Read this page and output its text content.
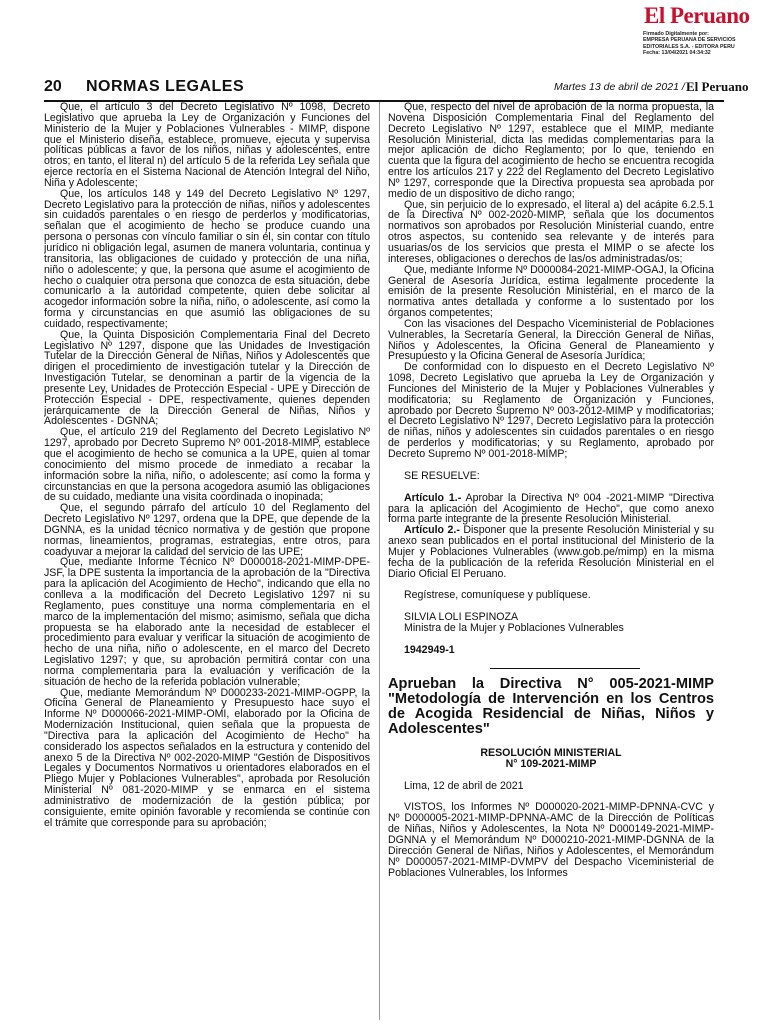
El Peruano
Firmado Digitalmente por:
EMPRESA PERUANA DE SERVICIOS
EDITORIALES S.A. - EDITORA PERU
Fecha: 13/04/2021 04:34:32
20 NORMAS LEGALES	Martes 13 de abril de 2021 / El Peruano

Que, el artículo 3 del Decreto Legislativo Nº 1098, Decreto Legislativo que aprueba la Ley de Organización y Funciones del Ministerio de la Mujer y Poblaciones Vulnerables - MIMP, dispone que el Ministerio diseña, establece, promueve, ejecuta y supervisa políticas públicas a favor de los niños, niñas y adolescentes, entre otros; en tanto, el literal n) del artículo 5 de la referida Ley señala que ejerce rectoría en el Sistema Nacional de Atención Integral del Niño, Niña y Adolescente;

Que, los artículos 148 y 149 del Decreto Legislativo Nº 1297, Decreto Legislativo para la protección de niñas, niños y adolescentes sin cuidados parentales o en riesgo de perderlos y modificatorias, señalan que el acogimiento de hecho se produce cuando una persona o personas con vínculo familiar o sin él, sin contar con título jurídico ni obligación legal, asumen de manera voluntaria, continua y transitoria, las obligaciones de cuidado y protección de una niña, niño o adolescente; y que, la persona que asume el acogimiento de hecho o cualquier otra persona que conozca de esta situación, debe comunicarlo a la autoridad competente, quien debe solicitar al acogedor información sobre la niña, niño, o adolescente, así como la forma y circunstancias en que asumió las obligaciones de su cuidado, respectivamente;

Que, la Quinta Disposición Complementaria Final del Decreto Legislativo Nº 1297, dispone que las Unidades de Investigación Tutelar de la Dirección General de Niñas, Niños y Adolescentes que dirigen el procedimiento de investigación tutelar y la Dirección de Investigación Tutelar, se denominan a partir de la vigencia de la presente Ley, Unidades de Protección Especial - UPE y Dirección de Protección Especial - DPE, respectivamente, quienes dependen jerárquicamente de la Dirección General de Niñas, Niños y Adolescentes - DGNNA;

Que, el artículo 219 del Reglamento del Decreto Legislativo Nº 1297, aprobado por Decreto Supremo Nº 001-2018-MIMP, establece que el acogimiento de hecho se comunica a la UPE, quien al tomar conocimiento del mismo procede de inmediato a recabar la información sobre la niña, niño, o adolescente; así como la forma y circunstancias en que la persona acogedora asumió las obligaciones de su cuidado, mediante una visita coordinada o inopinada;

Que, el segundo párrafo del artículo 10 del Reglamento del Decreto Legislativo Nº 1297, ordena que la DPE, que depende de la DGNNA, es la unidad técnico normativa y de gestión que propone normas, lineamientos, programas, estrategias, entre otros, para coadyuvar a mejorar la calidad del servicio de las UPE;

Que, mediante Informe Técnico Nº D000018-2021-MIMP-DPE-JSF, la DPE sustenta la importancia de la aprobación de la "Directiva para la aplicación del Acogimiento de Hecho", indicando que ella no conlleva a la modificación del Decreto Legislativo 1297 ni su Reglamento, pues constituye una norma complementaria en el marco de la implementación del mismo; asimismo, señala que dicha propuesta se ha elaborado ante la necesidad de establecer el procedimiento para evaluar y verificar la situación de acogimiento de hecho de una niña, niño o adolescente, en el marco del Decreto Legislativo 1297; y que, su aprobación permitirá contar con una norma complementaria para la evaluación y verificación de la situación de hecho de la referida población vulnerable;

Que, mediante Memorándum Nº D000233-2021-MIMP-OGPP, la Oficina General de Planeamiento y Presupuesto hace suyo el Informe Nº D000066-2021-MIMP-OMI, elaborado por la Oficina de Modernización Institucional, quien señala que la propuesta de "Directiva para la aplicación del Acogimiento de Hecho" ha considerado los aspectos señalados en la estructura y contenido del anexo 5 de la Directiva Nº 002-2020-MIMP "Gestión de Dispositivos Legales y Documentos Normativos u orientadores elaborados en el Pliego Mujer y Poblaciones Vulnerables", aprobada por Resolución Ministerial Nº 081-2020-MIMP y se enmarca en el sistema administrativo de modernización de la gestión pública; por consiguiente, emite opinión favorable y recomienda se continúe con el trámite que corresponde para su aprobación;

Que, respecto del nivel de aprobación de la norma propuesta, la Novena Disposición Complementaria Final del Reglamento del Decreto Legislativo Nº 1297, establece que el MIMP, mediante Resolución Ministerial, dicta las medidas complementarias para la mejor aplicación de dicho Reglamento; por lo que, teniendo en cuenta que la figura del acogimiento de hecho se encuentra recogida entre los artículos 217 y 222 del Reglamento del Decreto Legislativo Nº 1297, corresponde que la Directiva propuesta sea aprobada por medio de un dispositivo de dicho rango;

Que, sin perjuicio de lo expresado, el literal a) del acápite 6.2.5.1 de la Directiva Nº 002-2020-MIMP, señala que los documentos normativos son aprobados por Resolución Ministerial cuando, entre otros aspectos, su contenido sea relevante y de interés para usuarias/os de los servicios que presta el MIMP o se afecte los intereses, obligaciones o derechos de las/os administradas/os;

Que, mediante Informe Nº D000084-2021-MIMP-OGAJ, la Oficina General de Asesoría Jurídica, estima legalmente procedente la emisión de la presente Resolución Ministerial, en el marco de la normativa antes detallada y conforme a lo sustentado por los órganos competentes;

Con las visaciones del Despacho Viceministerial de Poblaciones Vulnerables, la Secretaría General, la Dirección General de Niñas, Niños y Adolescentes, la Oficina General de Planeamiento y Presupuesto y la Oficina General de Asesoría Jurídica;

De conformidad con lo dispuesto en el Decreto Legislativo Nº 1098, Decreto Legislativo que aprueba la Ley de Organización y Funciones del Ministerio de la Mujer y Poblaciones Vulnerables y modificatoria; su Reglamento de Organización y Funciones, aprobado por Decreto Supremo Nº 003-2012-MIMP y modificatorias; el Decreto Legislativo Nº 1297, Decreto Legislativo para la protección de niñas, niños y adolescentes sin cuidados parentales o en riesgo de perderlos y modificatorias; y su Reglamento, aprobado por Decreto Supremo Nº 001-2018-MIMP;

SE RESUELVE:

Artículo 1.- Aprobar la Directiva Nº 004 -2021-MIMP "Directiva para la aplicación del Acogimiento de Hecho", que como anexo forma parte integrante de la presente Resolución Ministerial.

Artículo 2.- Disponer que la presente Resolución Ministerial y su anexo sean publicados en el portal institucional del Ministerio de la Mujer y Poblaciones Vulnerables (www.gob.pe/mimp) en la misma fecha de la publicación de la referida Resolución Ministerial en el Diario Oficial El Peruano.

Regístrese, comuníquese y publíquese.

SILVIA LOLI ESPINOZA

Ministra de la Mujer y Poblaciones Vulnerables

1942949-1

Aprueban la Directiva N° 005-2021-MIMP "Metodología de Intervención en los Centros de Acogida Residencial de Niñas, Niños y Adolescentes"

RESOLUCIÓN MINISTERIAL

N° 109-2021-MIMP

Lima, 12 de abril de 2021

VISTOS, los Informes Nº D000020-2021-MIMP-DPNNA-CVC y Nº D000005-2021-MIMP-DPNNA-AMC de la Dirección de Políticas de Niñas, Niños y Adolescentes, la Nota Nº D000149-2021-MIMP-DGNNA y el Memorándum Nº D000210-2021-MIMP-DGNNA de la Dirección General de Niñas, Niños y Adolescentes, el Memorándum Nº D000057-2021-MIMP-DVMPV del Despacho Viceministerial de Poblaciones Vulnerables, los Informes
